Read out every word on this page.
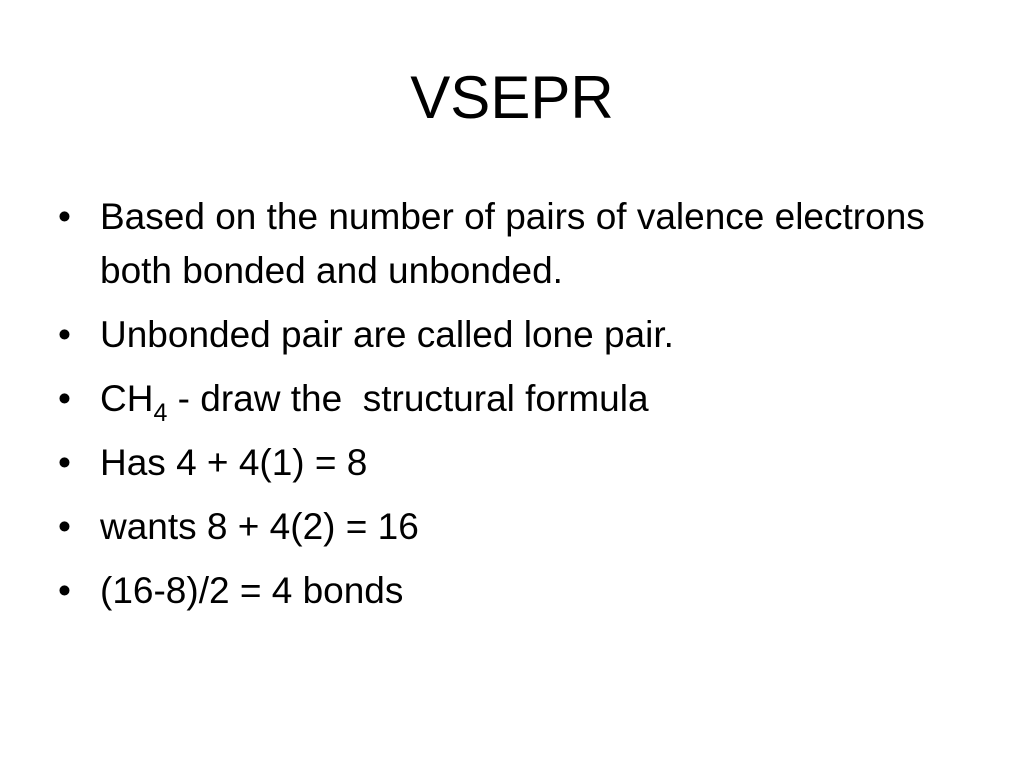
VSEPR
• Based on the number of pairs of valence electrons both bonded and unbonded.
• Unbonded pair are called lone pair.
• $CH_4$ - draw the  structural formula
• Has 4 + 4(1) = 8
• wants 8 + 4(2) = 16
• (16-8)/2 = 4 bonds
